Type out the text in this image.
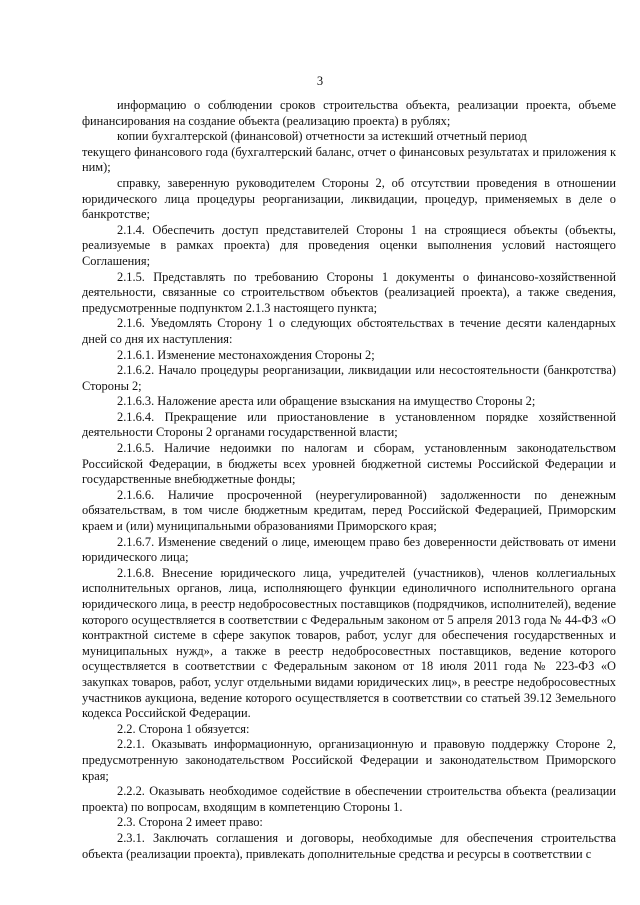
3

информацию о соблюдении сроков строительства объекта, реализации проекта, объеме финансирования на создание объекта (реализацию проекта) в рублях;

копии бухгалтерской (финансовой) отчетности за истекший отчетный период

текущего финансового года (бухгалтерский баланс, отчет о финансовых результатах и приложения к ним);

справку, заверенную руководителем Стороны 2, об отсутствии проведения в отношении юридического лица процедуры реорганизации, ликвидации, процедур, применяемых в деле о банкротстве;

2.1.4. Обеспечить доступ представителей Стороны 1 на строящиеся объекты (объекты, реализуемые в рамках проекта) для проведения оценки выполнения условий настоящего Соглашения;

2.1.5. Представлять по требованию Стороны 1 документы о финансово-хозяйственной деятельности, связанные со строительством объектов (реализацией проекта), а также сведения, предусмотренные подпунктом 2.1.3 настоящего пункта;

2.1.6. Уведомлять Сторону 1 о следующих обстоятельствах в течение десяти календарных дней со дня их наступления:

2.1.6.1. Изменение местонахождения Стороны 2;

2.1.6.2. Начало процедуры реорганизации, ликвидации или несостоятельности (банкротства) Стороны 2;

2.1.6.3. Наложение ареста или обращение взыскания на имущество Стороны 2;

2.1.6.4. Прекращение или приостановление в установленном порядке хозяйственной деятельности Стороны 2 органами государственной власти;

2.1.6.5. Наличие недоимки по налогам и сборам, установленным законодательством Российской Федерации, в бюджеты всех уровней бюджетной системы Российской Федерации и государственные внебюджетные фонды;

2.1.6.6. Наличие просроченной (неурегулированной) задолженности по денежным обязательствам, в том числе бюджетным кредитам, перед Российской Федерацией, Приморским краем и (или) муниципальными образованиями Приморского края;

2.1.6.7. Изменение сведений о лице, имеющем право без доверенности действовать от имени юридического лица;

2.1.6.8. Внесение юридического лица, учредителей (участников), членов коллегиальных исполнительных органов, лица, исполняющего функции единоличного исполнительного органа юридического лица, в реестр недобросовестных поставщиков (подрядчиков, исполнителей), ведение которого осуществляется в соответствии с Федеральным законом от 5 апреля 2013 года № 44-ФЗ «О контрактной системе в сфере закупок товаров, работ, услуг для обеспечения государственных и муниципальных нужд», а также в реестр недобросовестных поставщиков, ведение которого осуществляется в соответствии с Федеральным законом от 18 июля 2011 года № 223-ФЗ «О закупках товаров, работ, услуг отдельными видами юридических лиц», в реестре недобросовестных участников аукциона, ведение которого осуществляется в соответствии со статьей 39.12 Земельного кодекса Российской Федерации.

2.2. Сторона 1 обязуется:

2.2.1. Оказывать информационную, организационную и правовую поддержку Стороне 2, предусмотренную законодательством Российской Федерации и законодательством Приморского края;

2.2.2. Оказывать необходимое содействие в обеспечении строительства объекта (реализации проекта) по вопросам, входящим в компетенцию Стороны 1.

2.3. Сторона 2 имеет право:

2.3.1. Заключать соглашения и договоры, необходимые для обеспечения строительства объекта (реализации проекта), привлекать дополнительные средства и ресурсы в соответствии с
